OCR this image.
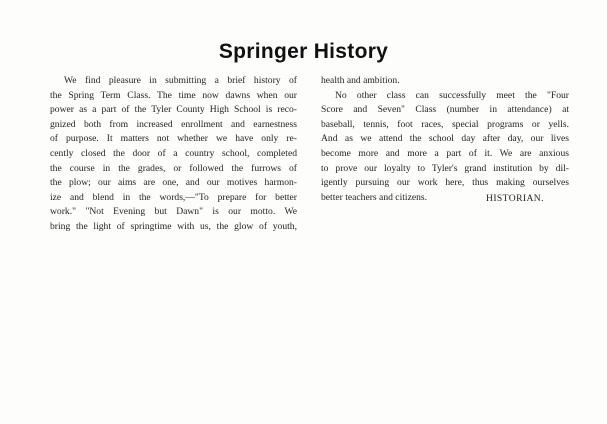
Springer History
We find pleasure in submitting a brief history of
the Spring Term Class. The time now dawns when our
power as a part of the Tyler County High School is reco-
gnized both from increased enrollment and earnestness
of purpose. It matters not whether we have only re-
cently closed the door of a country school, completed
the course in the grades, or followed the furrows of
the plow; our aims are one, and our motives harmon-
ize and blend in the words,—"To prepare for better
work." "Not Evening but Dawn" is our motto. We
bring the light of springtime with us, the glow of youth,
health and ambition.
No other class can successfully meet the "Four
Score and Seven" Class (number in attendance) at
baseball, tennis, foot races, special programs or yells.
And as we attend the school day after day, our lives
become more and more a part of it. We are anxious
to prove our loyalty to Tyler's grand institution by dil-
igently pursuing our work here, thus making ourselves
better teachers and citizens.	HISTORIAN.
